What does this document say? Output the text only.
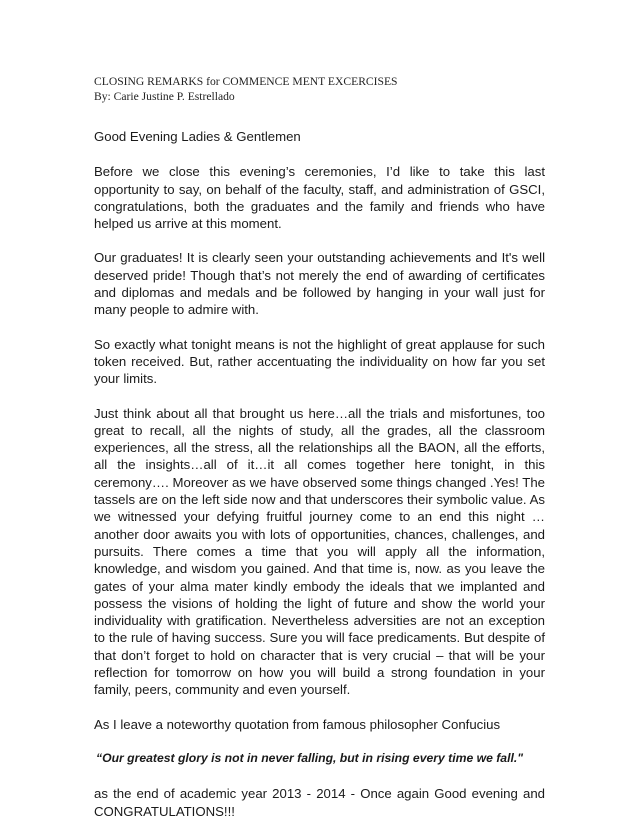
CLOSING REMARKS for COMMENCE MENT EXCERCISES
By: Carie Justine P. Estrellado

Good Evening Ladies & Gentlemen

Before we close this evening’s ceremonies, I’d like to take this last opportunity to say, on behalf of the faculty, staff, and administration of GSCI, congratulations, both the graduates and the family and friends who have helped us arrive at this moment.

Our graduates! It is clearly seen your outstanding achievements and It's well deserved pride! Though that’s not merely the end of awarding of certificates and diplomas and medals and be followed by hanging in your wall just for many people to admire with.

So exactly what tonight means is not the highlight of great applause for such token received. But, rather accentuating the individuality on how far you set your limits.

Just think about all that brought us here…all the trials and misfortunes, too great to recall, all the nights of study, all the grades, all the classroom experiences, all the stress, all the relationships all the BAON, all the efforts, all the insights…all of it…it all comes together here tonight, in this ceremony…. Moreover as we have observed some things changed .Yes! The tassels are on the left side now and that underscores their symbolic value. As we witnessed your defying fruitful journey come to an end this night … another door awaits you with lots of opportunities, chances, challenges, and pursuits. There comes a time that you will apply all the information, knowledge, and wisdom you gained. And that time is, now. as you leave the gates of your alma mater kindly embody the ideals that we implanted and possess the visions of holding the light of future and show the world your individuality with gratification. Nevertheless adversities are not an exception to the rule of having success. Sure you will face predicaments. But despite of that don’t forget to hold on character that is very crucial – that will be your reflection for tomorrow on how you will build a strong foundation in your family, peers, community and even yourself.

As I leave a noteworthy quotation from famous philosopher Confucius

“Our greatest glory is not in never falling, but in rising every time we fall."

as the end of academic year 2013 - 2014 - Once again Good evening and CONGRATULATIONS!!!
